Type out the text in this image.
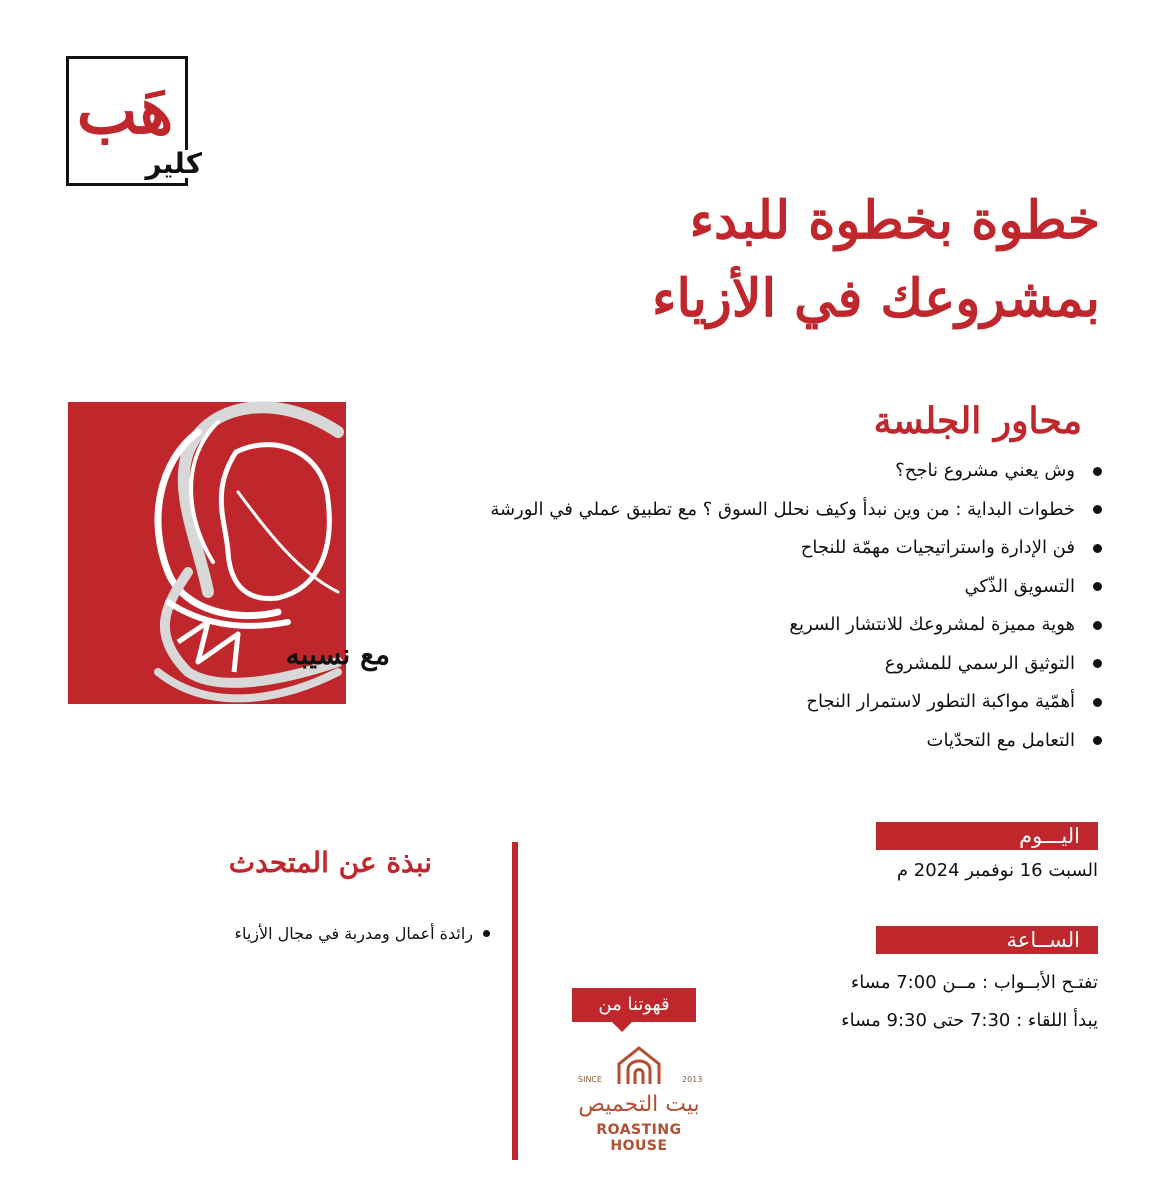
هَب
كلير
خطوة بخطوة للبدء
بمشروعك في الأزياء
مع نسيبه
محاور الجلسة
وش يعني مشروع ناجح؟
خطوات البداية : من وين نبدأ وكيف نحلل السوق ؟ مع تطبيق عملي في الورشة
فن الإدارة واستراتيجيات مهمّة للنجاح
التسويق الذّكي
هوية مميزة لمشروعك للانتشار السريع
التوثيق الرسمي للمشروع
أهمّية مواكبة التطور لاستمرار النجاح
التعامل مع التحدّيات
اليـــوم
السبت 16 نوفمبر 2024 م
الســاعة
تفتـح الأبــواب : مــن 7:00 مساء
يبدأ اللقاء : 7:30 حتى 9:30 مساء
نبذة عن المتحدث
رائدة أعمال ومدربة في مجال الأزياء
قهوتنا من
SINCE	2013
بيت التحميص
ROASTING HOUSE
